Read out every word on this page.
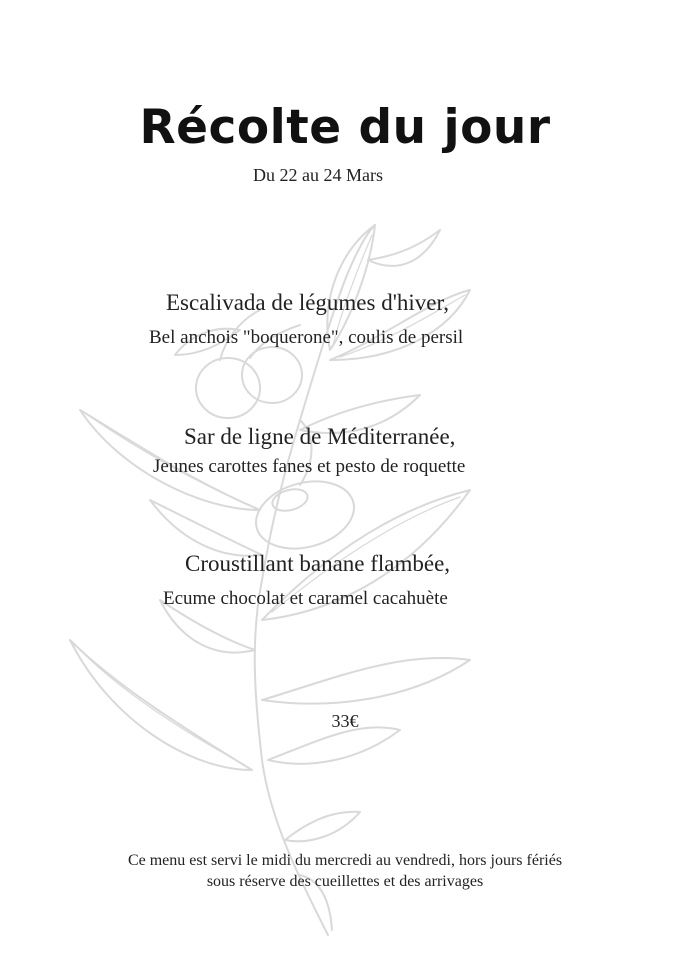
Récolte du jour
Du 22 au 24 Mars
Escalivada de légumes d'hiver,
Bel anchois "boquerone", coulis de persil
Sar de ligne de Méditerranée,
Jeunes carottes fanes et pesto de roquette
Croustillant banane flambée,
Ecume chocolat et caramel cacahuète
33€
Ce menu est servi le midi du mercredi au vendredi, hors jours fériés
sous réserve des cueillettes et des arrivages
